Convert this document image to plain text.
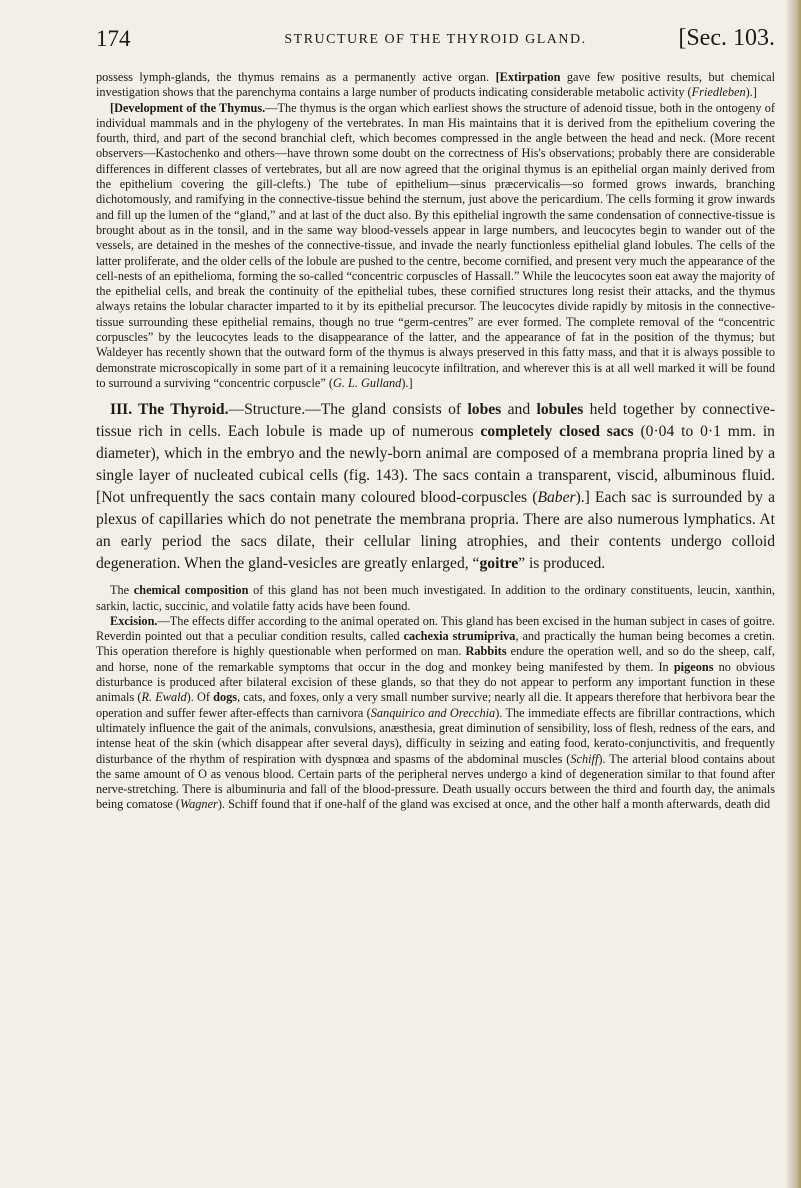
174	STRUCTURE OF THE THYROID GLAND.	[Sec. 103.

possess lymph-glands, the thymus remains as a permanently active organ. [Extirpation gave few positive results, but chemical investigation shows that the parenchyma contains a large number of products indicating considerable metabolic activity (Friedleben).]

[Development of the Thymus.—The thymus is the organ which earliest shows the structure of adenoid tissue, both in the ontogeny of individual mammals and in the phylogeny of the vertebrates. In man His maintains that it is derived from the epithelium covering the fourth, third, and part of the second branchial cleft, which becomes compressed in the angle between the head and neck. (More recent observers—Kastochenko and others—have thrown some doubt on the correctness of His's observations; probably there are considerable differences in different classes of vertebrates, but all are now agreed that the original thymus is an epithelial organ mainly derived from the epithelium covering the gill-clefts.) The tube of epithelium—sinus præcervicalis—so formed grows inwards, branching dichotomously, and ramifying in the connective-tissue behind the sternum, just above the pericardium. The cells forming it grow inwards and fill up the lumen of the “gland,” and at last of the duct also. By this epithelial ingrowth the same condensation of connective-tissue is brought about as in the tonsil, and in the same way blood-vessels appear in large numbers, and leucocytes begin to wander out of the vessels, are detained in the meshes of the connective-tissue, and invade the nearly functionless epithelial gland lobules. The cells of the latter proliferate, and the older cells of the lobule are pushed to the centre, become cornified, and present very much the appearance of the cell-nests of an epithelioma, forming the so-called “concentric corpuscles of Hassall.” While the leucocytes soon eat away the majority of the epithelial cells, and break the continuity of the epithelial tubes, these cornified structures long resist their attacks, and the thymus always retains the lobular character imparted to it by its epithelial precursor. The leucocytes divide rapidly by mitosis in the connective-tissue surrounding these epithelial remains, though no true “germ-centres” are ever formed. The complete removal of the “concentric corpuscles” by the leucocytes leads to the disappearance of the latter, and the appearance of fat in the position of the thymus; but Waldeyer has recently shown that the outward form of the thymus is always preserved in this fatty mass, and that it is always possible to demonstrate microscopically in some part of it a remaining leucocyte infiltration, and wherever this is at all well marked it will be found to surround a surviving “concentric corpuscle” (G. L. Gulland).]

III. The Thyroid.—Structure.—The gland consists of lobes and lobules held together by connective-tissue rich in cells. Each lobule is made up of numerous completely closed sacs (0·04 to 0·1 mm. in diameter), which in the embryo and the newly-born animal are composed of a membrana propria lined by a single layer of nucleated cubical cells (fig. 143). The sacs contain a transparent, viscid, albuminous fluid. [Not unfrequently the sacs contain many coloured blood-corpuscles (Baber).] Each sac is surrounded by a plexus of capillaries which do not penetrate the membrana propria. There are also numerous lymphatics. At an early period the sacs dilate, their cellular lining atrophies, and their contents undergo colloid degeneration. When the gland-vesicles are greatly enlarged, “goitre” is produced.

The chemical composition of this gland has not been much investigated. In addition to the ordinary constituents, leucin, xanthin, sarkin, lactic, succinic, and volatile fatty acids have been found.

Excision.—The effects differ according to the animal operated on. This gland has been excised in the human subject in cases of goitre. Reverdin pointed out that a peculiar condition results, called cachexia strumipriva, and practically the human being becomes a cretin. This operation therefore is highly questionable when performed on man. Rabbits endure the operation well, and so do the sheep, calf, and horse, none of the remarkable symptoms that occur in the dog and monkey being manifested by them. In pigeons no obvious disturbance is produced after bilateral excision of these glands, so that they do not appear to perform any important function in these animals (R. Ewald). Of dogs, cats, and foxes, only a very small number survive; nearly all die. It appears therefore that herbivora bear the operation and suffer fewer after-effects than carnivora (Sanquirico and Orecchia). The immediate effects are fibrillar contractions, which ultimately influence the gait of the animals, convulsions, anæsthesia, great diminution of sensibility, loss of flesh, redness of the ears, and intense heat of the skin (which disappear after several days), difficulty in seizing and eating food, kerato-conjunctivitis, and frequently disturbance of the rhythm of respiration with dyspnœa and spasms of the abdominal muscles (Schiff). The arterial blood contains about the same amount of O as venous blood. Certain parts of the peripheral nerves undergo a kind of degeneration similar to that found after nerve-stretching. There is albuminuria and fall of the blood-pressure. Death usually occurs between the third and fourth day, the animals being comatose (Wagner). Schiff found that if one-half of the gland was excised at once, and the other half a month afterwards, death did
